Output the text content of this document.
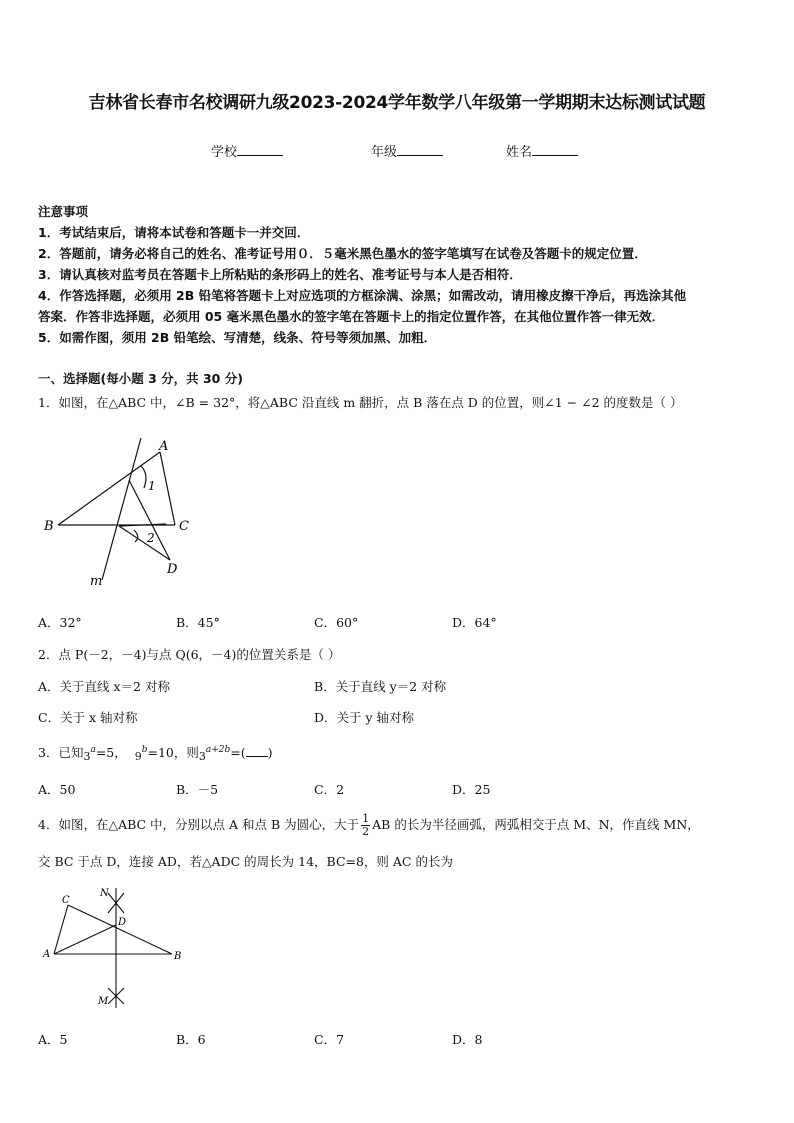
吉林省长春市名校调研九级2023-2024学年数学八年级第一学期期末达标测试试题
学校	年级	姓名
注意事项
1．考试结束后，请将本试卷和答题卡一并交回．
2．答题前，请务必将自己的姓名、准考证号用０．５毫米黑色墨水的签字笔填写在试卷及答题卡的规定位置．
3．请认真核对监考员在答题卡上所粘贴的条形码上的姓名、准考证号与本人是否相符．
4．作答选择题，必须用 2B 铅笔将答题卡上对应选项的方框涂满、涂黑；如需改动，请用橡皮擦干净后，再选涂其他
答案．作答非选择题，必须用 05 毫米黑色墨水的签字笔在答题卡上的指定位置作答，在其他位置作答一律无效．
5．如需作图，须用 2B 铅笔绘、写清楚，线条、符号等须加黑、加粗．
一、选择题(每小题 3 分，共 30 分)
1．如图，在△ABC 中，∠B = 32°，将△ABC 沿直线 m 翻折，点 B 落在点 D 的位置，则∠1 − ∠2 的度数是（ ）
A
B	C
D
m
1
2
A．32°	B．45°	C．60°	D．64°
2．点 P(－2，－4)与点 Q(6，－4)的位置关系是（ ）
A．关于直线 x＝2 对称	B．关于直线 y＝2 对称
C．关于 x 轴对称	D．关于 y 轴对称
3．已知$3^a=5$， $9^b=10$，则$3^{a+2b}=$( )
A．50	B．－5	C．2	D．25
4．如图，在△ABC 中，分别以点 A 和点 B 为圆心，大于 $\frac{1}{2}$ AB 的长为半径画弧，两弧相交于点 M、N，作直线 MN，
交 BC 于点 D，连接 AD，若△ADC 的周长为 14，BC=8，则 AC 的长为
C
A	B
D
N
M
A．5	B．6	C．7	D．8
